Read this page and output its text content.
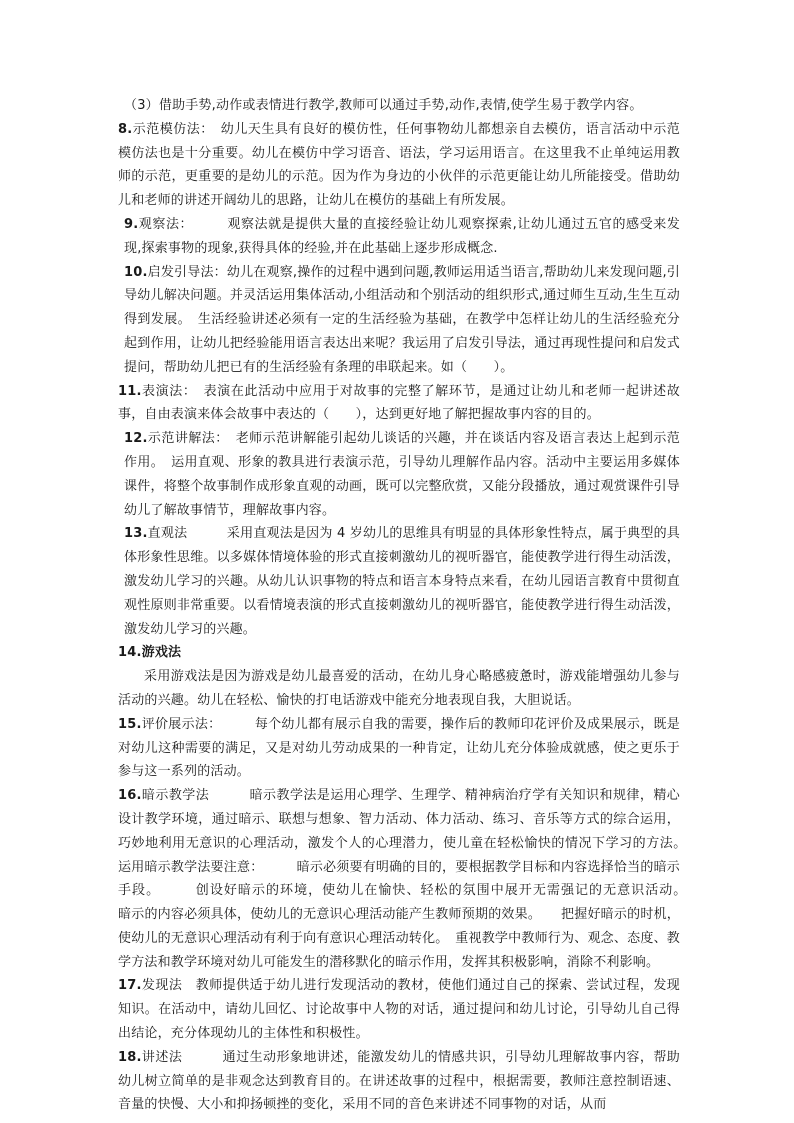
（3）借助手势,动作或表情进行教学,教师可以通过手势,动作,表情,使学生易于教学内容。

8.示范模仿法：　幼儿天生具有良好的模仿性，任何事物幼儿都想亲自去模仿，语言活动中示范模仿法也是十分重要。幼儿在模仿中学习语音、语法，学习运用语言。在这里我不止单纯运用教师的示范，更重要的是幼儿的示范。因为作为身边的小伙伴的示范更能让幼儿所能接受。借助幼儿和老师的讲述开阔幼儿的思路，让幼儿在模仿的基础上有所发展。

9.观察法：　　　观察法就是提供大量的直接经验让幼儿观察探索,让幼儿通过五官的感受来发现,探索事物的现象,获得具体的经验,并在此基础上逐步形成概念.

10.启发引导法：幼儿在观察,操作的过程中遇到问题,教师运用适当语言,帮助幼儿来发现问题,引导幼儿解决问题。并灵活运用集体活动,小组活动和个别活动的组织形式,通过师生互动,生生互动得到发展。　生活经验讲述必须有一定的生活经验为基础，在教学中怎样让幼儿的生活经验充分起到作用，让幼儿把经验能用语言表达出来呢？我运用了启发引导法，通过再现性提问和启发式提问，帮助幼儿把已有的生活经验有条理的串联起来。如（　　）。

11.表演法：　表演在此活动中应用于对故事的完整了解环节，是通过让幼儿和老师一起讲述故事，自由表演来体会故事中表达的（　　），达到更好地了解把握故事内容的目的。

12.示范讲解法：　老师示范讲解能引起幼儿谈话的兴趣，并在谈话内容及语言表达上起到示范作用。　运用直观、形象的教具进行表演示范，引导幼儿理解作品内容。活动中主要运用多媒体课件，将整个故事制作成形象直观的动画，既可以完整欣赏，又能分段播放，通过观赏课件引导幼儿了解故事情节，理解故事内容。

13.直观法　　　采用直观法是因为 4 岁幼儿的思维具有明显的具体形象性特点，属于典型的具体形象性思维。以多媒体情境体验的形式直接刺激幼儿的视听器官，能使教学进行得生动活泼，激发幼儿学习的兴趣。从幼儿认识事物的特点和语言本身特点来看，在幼儿园语言教育中贯彻直观性原则非常重要。以看情境表演的形式直接刺激幼儿的视听器官，能使教学进行得生动活泼，激发幼儿学习的兴趣。

14.游戏法

采用游戏法是因为游戏是幼儿最喜爱的活动，在幼儿身心略感疲惫时，游戏能增强幼儿参与活动的兴趣。幼儿在轻松、愉快的打电话游戏中能充分地表现自我，大胆说话。

15.评价展示法：　　　每个幼儿都有展示自我的需要，操作后的教师印花评价及成果展示，既是对幼儿这种需要的满足，又是对幼儿劳动成果的一种肯定，让幼儿充分体验成就感，使之更乐于参与这一系列的活动。

16.暗示教学法　　　暗示教学法是运用心理学、生理学、精神病治疗学有关知识和规律，精心设计教学环境，通过暗示、联想与想象、智力活动、体力活动、练习、音乐等方式的综合运用，巧妙地利用无意识的心理活动，激发个人的心理潜力，使儿童在轻松愉快的情况下学习的方法。　运用暗示教学法要注意：　　　暗示必须要有明确的目的，要根据教学目标和内容选择恰当的暗示手段。　　　创设好暗示的环境，使幼儿在愉快、轻松的氛围中展开无需强记的无意识活动。　　暗示的内容必须具体，使幼儿的无意识心理活动能产生教师预期的效果。　　把握好暗示的时机，使幼儿的无意识心理活动有利于向有意识心理活动转化。　重视教学中教师行为、观念、态度、教学方法和教学环境对幼儿可能发生的潜移默化的暗示作用，发挥其积极影响，消除不利影响。

17.发现法　教师提供适于幼儿进行发现活动的教材，使他们通过自己的探索、尝试过程，发现知识。在活动中，请幼儿回忆、讨论故事中人物的对话，通过提问和幼儿讨论，引导幼儿自己得出结论，充分体现幼儿的主体性和积极性。

18.讲述法　　　通过生动形象地讲述，能激发幼儿的情感共识，引导幼儿理解故事内容，帮助幼儿树立简单的是非观念达到教育目的。在讲述故事的过程中，根据需要，教师注意控制语速、音量的快慢、大小和抑扬顿挫的变化，采用不同的音色来讲述不同事物的对话，从而
